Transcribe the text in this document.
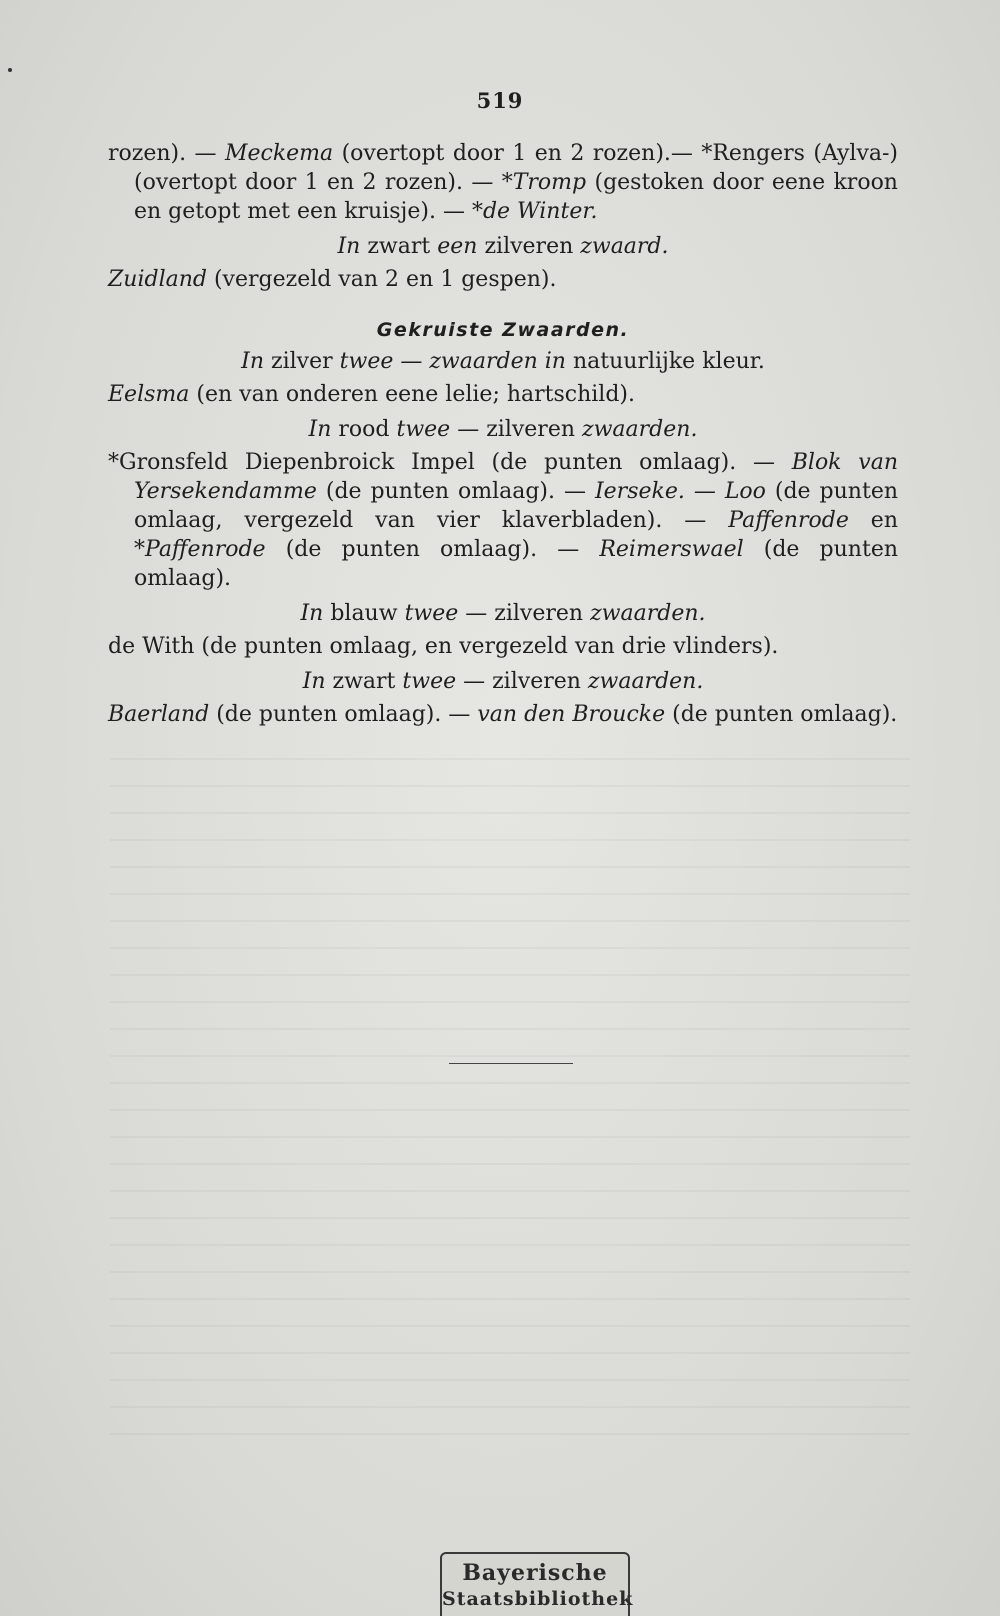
519

rozen). — Meckema (overtopt door 1 en 2 rozen).— *Rengers (Aylva-) (overtopt door 1 en 2 rozen). — *Tromp (gestoken door eene kroon en getopt met een kruisje). — *de Winter.

In zwart een zilveren zwaard.

Zuidland (vergezeld van 2 en 1 gespen).

Gekruiste Zwaarden.

In zilver twee — zwaarden in natuurlijke kleur.

Eelsma (en van onderen eene lelie; hartschild).

In rood twee — zilveren zwaarden.

*Gronsfeld Diepenbroick Impel (de punten omlaag). — Blok van Yersekendamme (de punten omlaag). — Ierseke. — Loo (de punten omlaag, vergezeld van vier klaverbladen). — Paffenrode en *Paffenrode (de punten omlaag). — Reimerswael (de punten omlaag).

In blauw twee — zilveren zwaarden.

de With (de punten omlaag, en vergezeld van drie vlinders).

In zwart twee — zilveren zwaarden.

Baerland (de punten omlaag). — van den Broucke (de punten omlaag).

Bayerische
Staatsbibliothek
